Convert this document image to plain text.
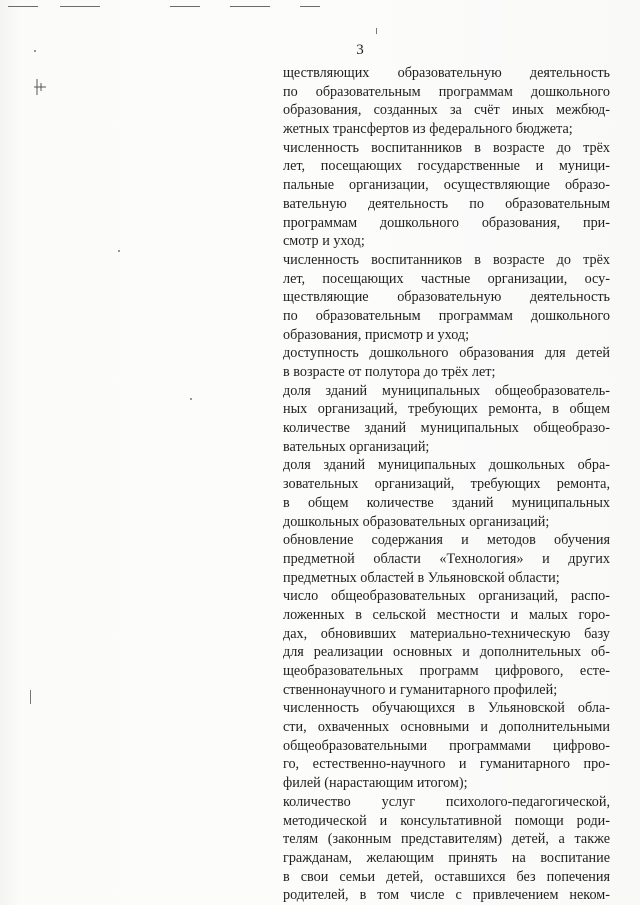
3
ществляющих образовательную деятельность
по образовательным программам дошкольного
образования, созданных за счёт иных межбюд-
жетных трансфертов из федерального бюджета;
численность воспитанников в возрасте до трёх
лет, посещающих государственные и муници-
пальные организации, осуществляющие образо-
вательную деятельность по образовательным
программам дошкольного образования, при-
смотр и уход;
численность воспитанников в возрасте до трёх
лет, посещающих частные организации, осу-
ществляющие образовательную деятельность
по образовательным программам дошкольного
образования, присмотр и уход;
доступность дошкольного образования для детей
в возрасте от полутора до трёх лет;
доля зданий муниципальных общеобразователь-
ных организаций, требующих ремонта, в общем
количестве зданий муниципальных общеобразо-
вательных организаций;
доля зданий муниципальных дошкольных обра-
зовательных организаций, требующих ремонта,
в общем количестве зданий муниципальных
дошкольных образовательных организаций;
обновление содержания и методов обучения
предметной области «Технология» и других
предметных областей в Ульяновской области;
число общеобразовательных организаций, распо-
ложенных в сельской местности и малых горо-
дах, обновивших материально-техническую базу
для реализации основных и дополнительных об-
щеобразовательных программ цифрового, есте-
ственнонаучного и гуманитарного профилей;
численность обучающихся в Ульяновской обла-
сти, охваченных основными и дополнительными
общеобразовательными программами цифрово-
го, естественно-научного и гуманитарного про-
филей (нарастающим итогом);
количество услуг психолого-педагогической,
методической и консультативной помощи роди-
телям (законным представителям) детей, а также
гражданам, желающим принять на воспитание
в свои семьи детей, оставшихся без попечения
родителей, в том числе с привлечением неком-
